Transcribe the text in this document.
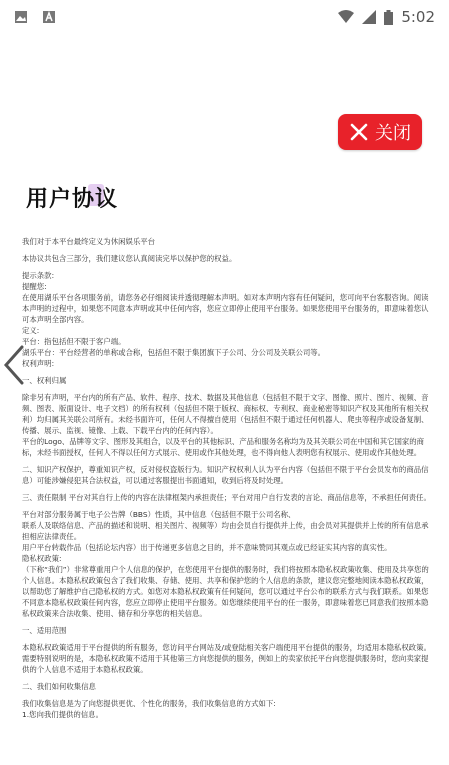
5:02
关闭
用户协议

我们对于本平台最终定义为休闲娱乐平台

本协议共包含三部分，我们建议您认真阅读完毕以保护您的权益。

提示条款:
提醒您:
在使用湖乐平台各项服务前，请您务必仔细阅读并透彻理解本声明。如对本声明内容有任何疑问，您可向平台客服咨询。阅读本声明的过程中，如果您不同意本声明或其中任何内容，您应立即停止使用平台服务。如果您使用平台服务的，即意味着您认可本声明全部内容。
定义:
平台：指包括但不限于客户端。
湖乐平台：平台经营者的单称或合称，包括但不限于集团旗下子公司、分公司及关联公司等。
权利声明:

一、权利归属

除非另有声明，平台内的所有产品、软件、程序、技术、数据及其他信息（包括但不限于文字、图像、照片、图片、视频、音频、图表、版面设计、电子文档）的所有权利（包括但不限于版权、商标权、专利权、商业秘密等知识产权及其他所有相关权利）均归属其关联公司所有。未经书面许可，任何人不得擅自使用（包括但不限于通过任何机器人、爬虫等程序或设备复制、传播、展示、监视、镜像、上载、下载平台内的任何内容）。
平台的Logo、品牌等文字、图形及其组合，以及平台的其他标识、产品和服务名称均为及其关联公司在中国和其它国家的商标，未经书面授权，任何人不得以任何方式展示、使用或作其他处理，也不得向他人表明您有权展示、使用或作其他处理。

二、知识产权保护，尊重知识产权，反对侵权盗版行为。知识产权权利人认为平台内容（包括但不限于平台会员发布的商品信息）可能涉嫌侵犯其合法权益，可以通过客服提出书面通知，收到后将及时处理。

三、责任限制 平台对其自行上传的内容在法律框架内承担责任；平台对用户自行发表的言论、商品信息等，不承担任何责任。

平台对部分服务属于电子公告牌（BBS）性质，其中信息（包括但不限于公司名称、
联系人及联络信息、产品的描述和说明、相关图片、视频等）均由会员自行提供并上传，由会员对其提供并上传的所有信息承担相应法律责任。
用户平台转载作品（包括论坛内容）出于传递更多信息之目的，并不意味赞同其观点或已经证实其内容的真实性。
隐私权政策:
（下称“我们”）非常尊重用户个人信息的保护，在您使用平台提供的服务时，我们将按照本隐私权政策收集、使用及共享您的个人信息。本隐私权政策包含了我们收集、存储、使用、共享和保护您的个人信息的条款，建议您完整地阅读本隐私权政策，以帮助您了解维护自己隐私权的方式。如您对本隐私权政策有任何疑问，您可以通过平台公布的联系方式与我们联系。如果您不同意本隐私权政策任何内容，您应立即停止使用平台服务。如您继续使用平台的任一服务，即意味着您已同意我们按照本隐私权政策来合法收集、使用、储存和分享您的相关信息。

一、适用范围

本隐私权政策适用于平台提供的所有服务，您访问平台网站及/或登陆相关客户端使用平台提供的服务，均适用本隐私权政策。
需要特别说明的是，本隐私权政策不适用于其他第三方向您提供的服务，例如上的卖家依托平台向您提供服务时，您向卖家提供的个人信息不适用于本隐私权政策。

二、我们如何收集信息

我们收集信息是为了向您提供更优、个性化的服务，我们收集信息的方式如下:
1.您向我们提供的信息。
